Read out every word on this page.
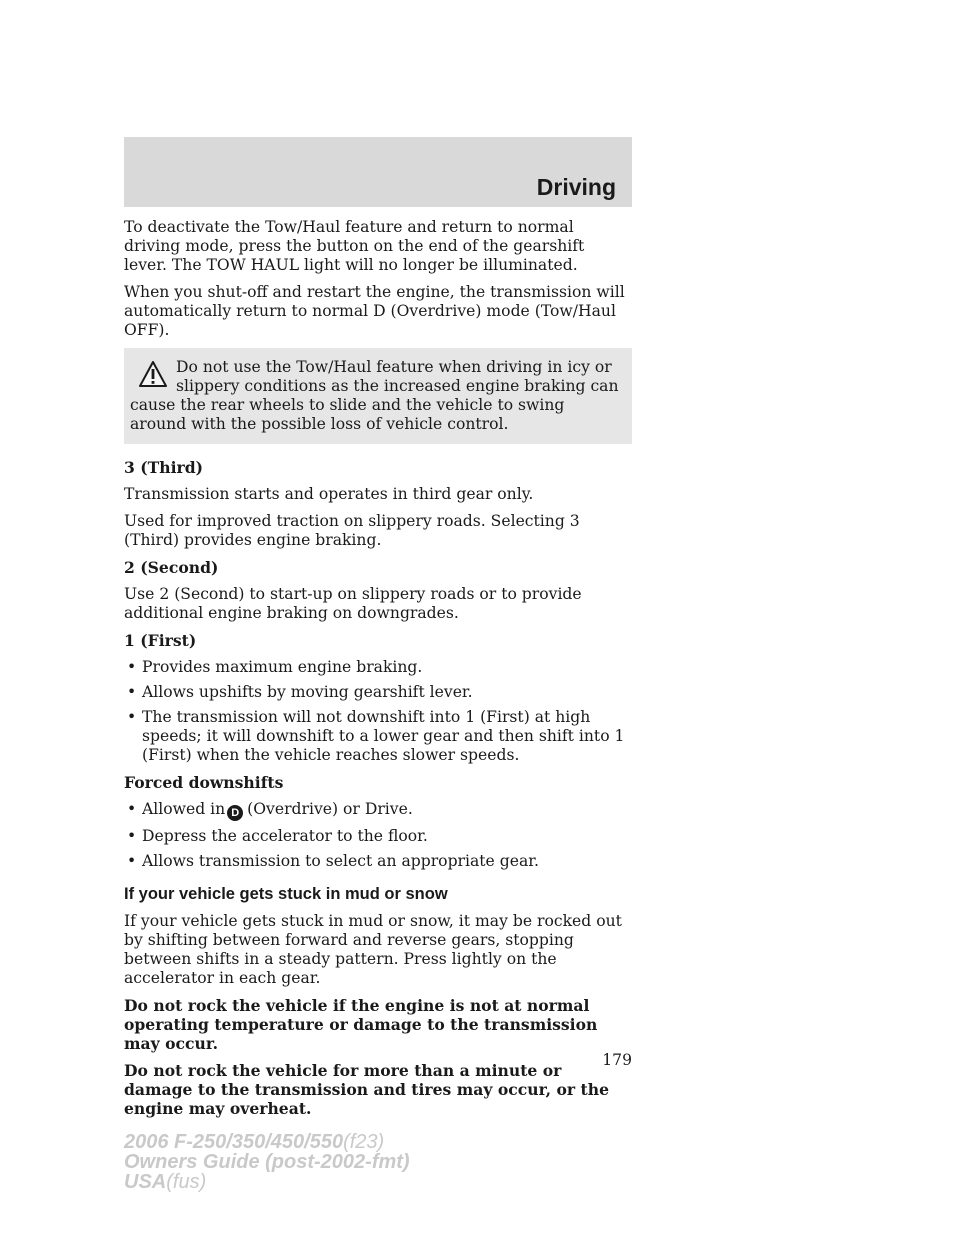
Driving

To deactivate the Tow/Haul feature and return to normal driving mode, press the button on the end of the gearshift lever. The TOW HAUL light will no longer be illuminated.

When you shut-off and restart the engine, the transmission will automatically return to normal D (Overdrive) mode (Tow/Haul OFF).

Do not use the Tow/Haul feature when driving in icy or slippery conditions as the increased engine braking can cause the rear wheels to slide and the vehicle to swing around with the possible loss of vehicle control.

3 (Third)

Transmission starts and operates in third gear only.

Used for improved traction on slippery roads. Selecting 3 (Third) provides engine braking.

2 (Second)

Use 2 (Second) to start-up on slippery roads or to provide additional engine braking on downgrades.

1 (First)

• Provides maximum engine braking.
• Allows upshifts by moving gearshift lever.
• The transmission will not downshift into 1 (First) at high speeds; it will downshift to a lower gear and then shift into 1 (First) when the vehicle reaches slower speeds.

Forced downshifts

• Allowed in D (Overdrive) or Drive.
• Depress the accelerator to the floor.
• Allows transmission to select an appropriate gear.
If your vehicle gets stuck in mud or snow

If your vehicle gets stuck in mud or snow, it may be rocked out by shifting between forward and reverse gears, stopping between shifts in a steady pattern. Press lightly on the accelerator in each gear.

Do not rock the vehicle if the engine is not at normal operating temperature or damage to the transmission may occur.

Do not rock the vehicle for more than a minute or damage to the transmission and tires may occur, or the engine may overheat.

179
2006 F-250/350/450/550(f23)
Owners Guide (post-2002-fmt)
USA(fus)
